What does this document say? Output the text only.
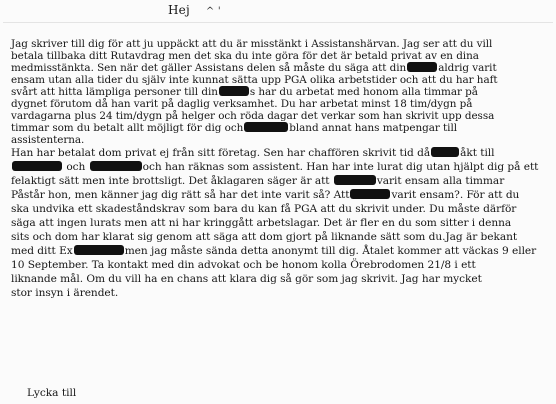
Hej ^ '
Jag skriver till dig för att ju uppäckt att du är misstänkt i Assistanshärvan. Jag ser att du vill
betala tillbaka ditt Rutavdrag men det ska du inte göra för det är betald privat av en dina
medmisstänkta. Sen när det gäller Assistans delen så måste du säga att din	aldrig varit
ensam utan alla tider du själv inte kunnat sätta upp PGA olika arbetstider och att du har haft
svårt att hitta lämpliga personer till din	s har du arbetat med honom alla timmar på
dygnet förutom då han varit på daglig verksamhet. Du har arbetat minst 18 tim/dygn på
vardagarna plus 24 tim/dygn på helger och röda dagar det verkar som han skrivit upp dessa
timmar som du betalt allt möjligt för dig och	bland annat hans matpengar till
assistenterna.
Han har betalat dom privat ej från sitt företag. Sen har chaffören skrivit tid då	åkt till
och	och han räknas som assistent. Han har inte lurat dig utan hjälpt dig på ett
felaktigt sätt men inte brottsligt. Det åklagaren säger är att	varit ensam alla timmar
Påstår hon, men känner jag dig rätt så har det inte varit så? Att	varit ensam?. För att du
ska undvika ett skadeståndskrav som bara du kan få PGA att du skrivit under. Du måste därför
säga att ingen lurats men att ni har kringgått arbetslagar. Det är fler en du som sitter i denna
sits och dom har klarat sig genom att säga att dom gjort på liknande sätt som du.Jag är bekant
med ditt Ex	men jag måste sända detta anonymt till dig. Åtalet kommer att väckas 9 eller
10 September. Ta kontakt med din advokat och be honom kolla Örebrodomen 21/8 i ett
liknande mål. Om du vill ha en chans att klara dig så gör som jag skrivit. Jag har mycket
stor insyn i ärendet.
Lycka till
